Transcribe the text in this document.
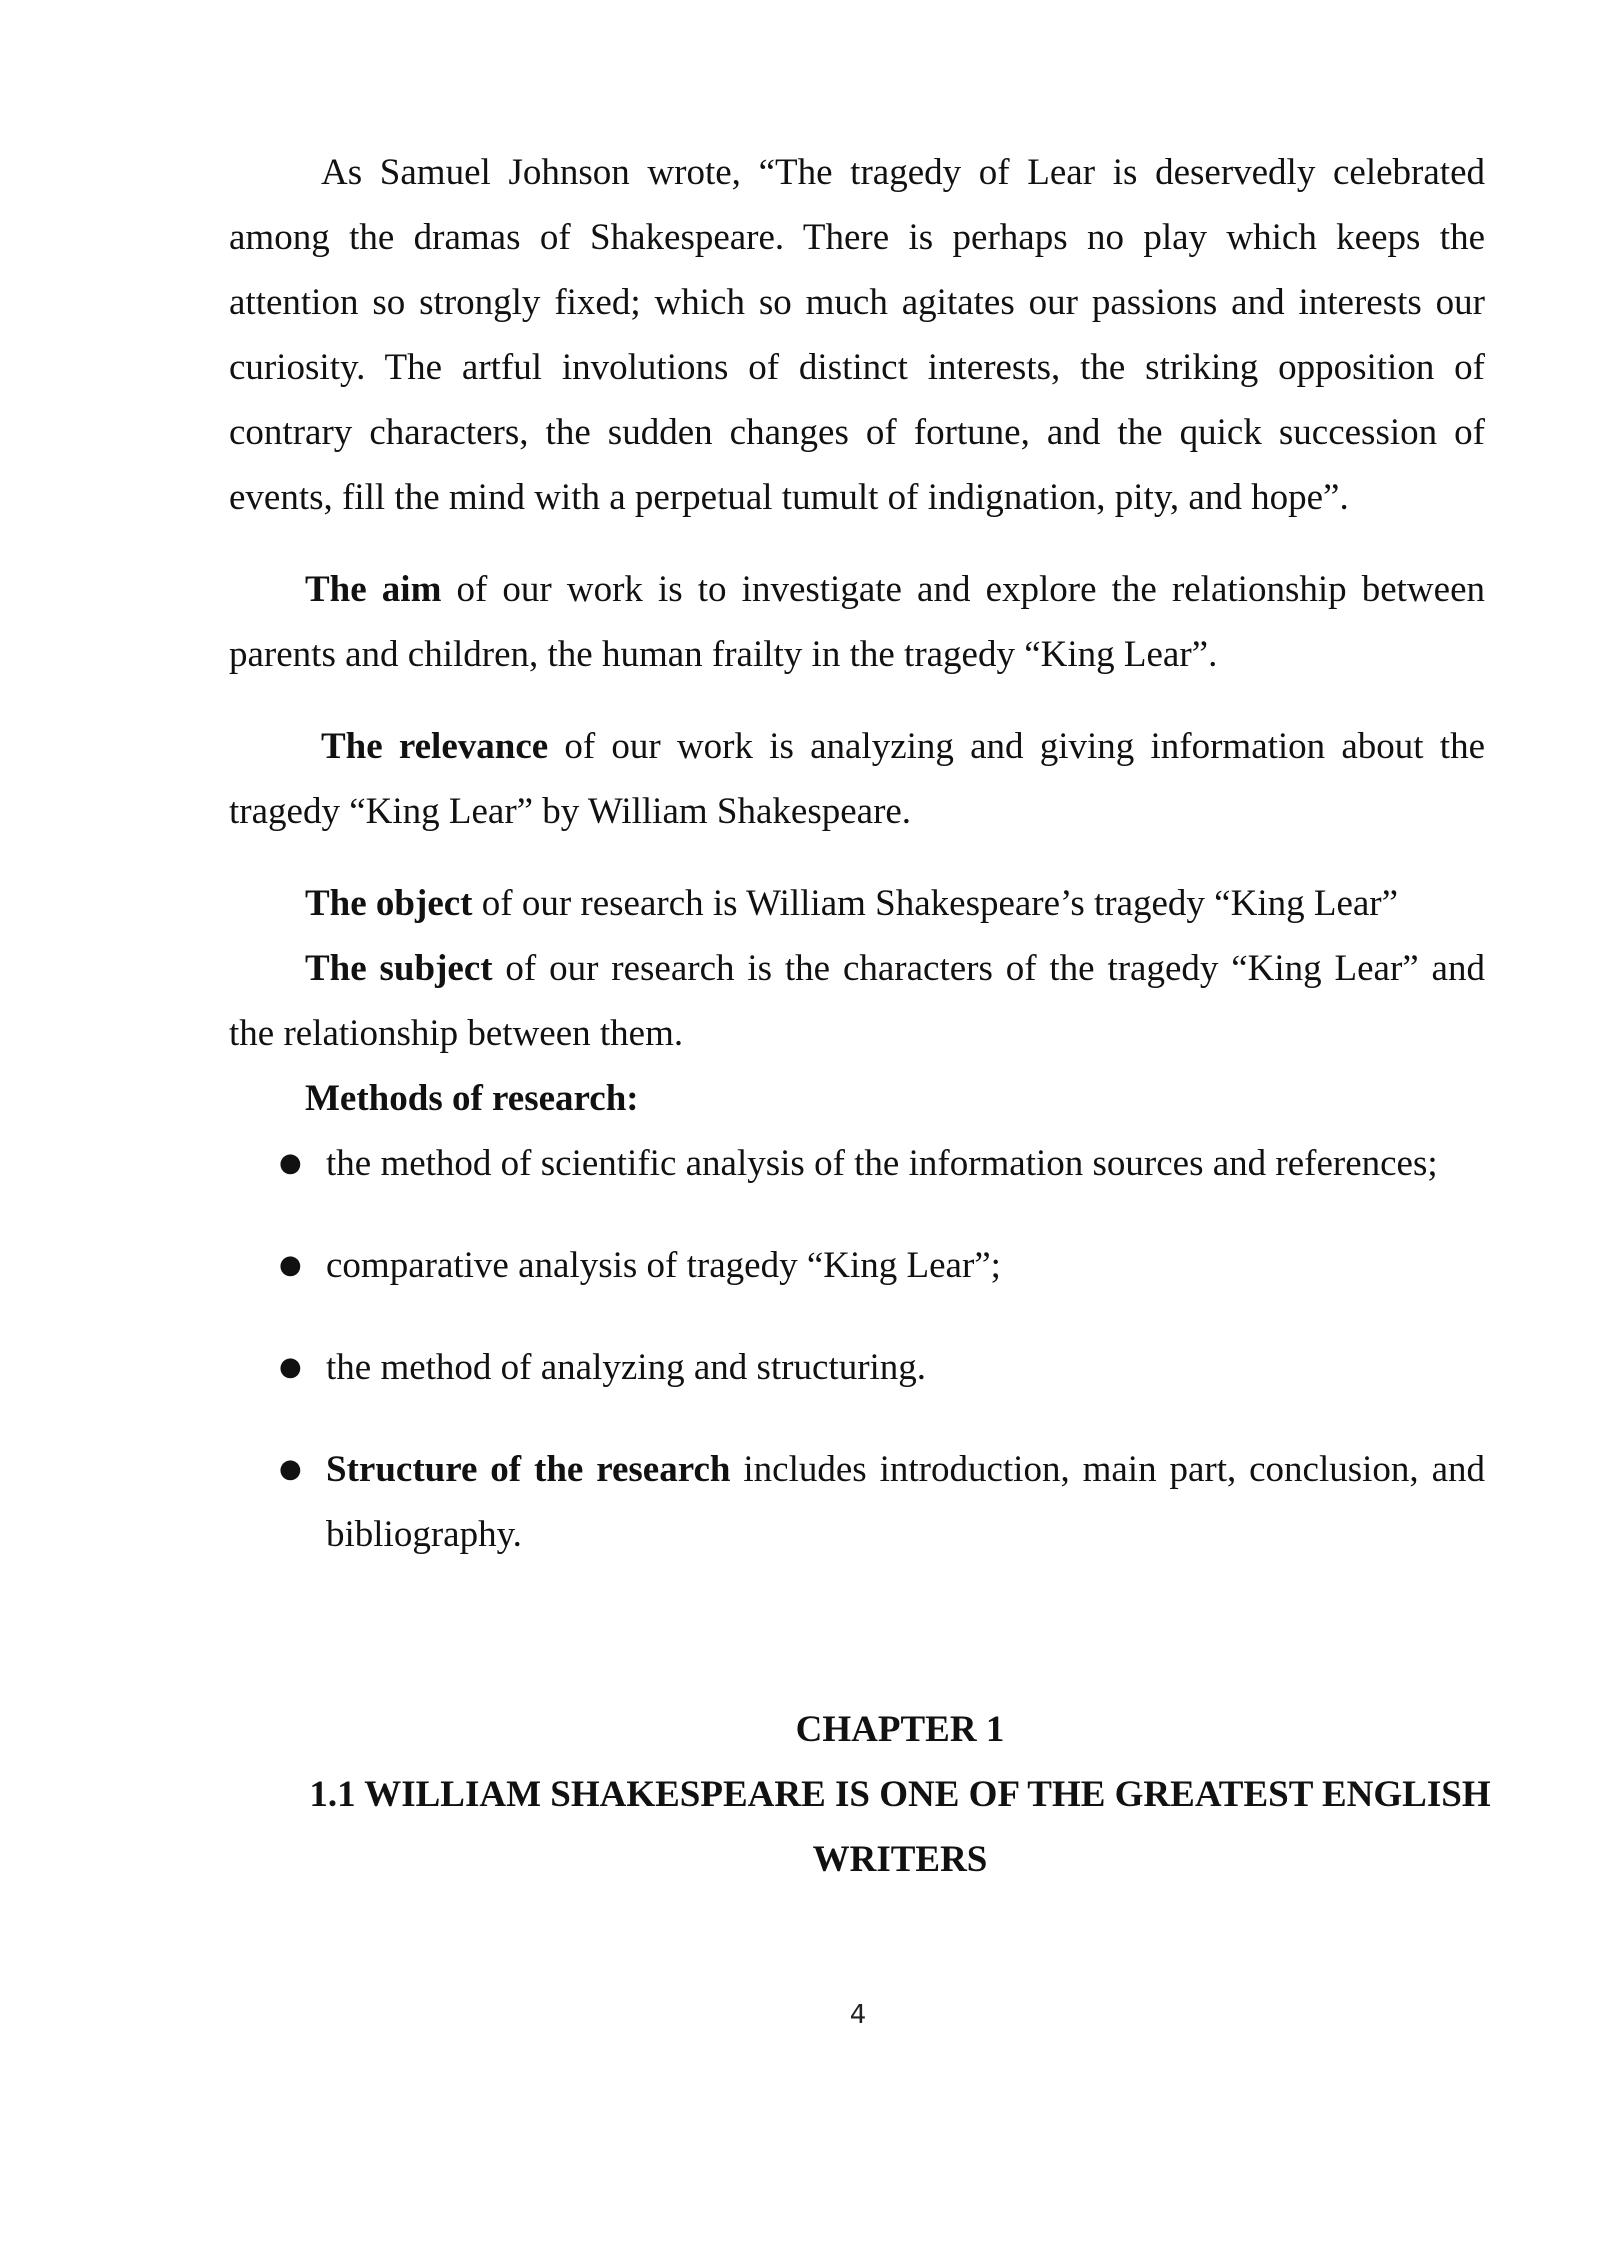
As Samuel Johnson wrote, “The tragedy of Lear is deservedly celebrated among the dramas of Shakespeare. There is perhaps no play which keeps the attention so strongly fixed; which so much agitates our passions and interests our curiosity. The artful involutions of distinct interests, the striking opposition of contrary characters, the sudden changes of fortune, and the quick succession of events, fill the mind with a perpetual tumult of indignation, pity, and hope”.

The aim of our work is to investigate and explore the relationship between parents and children, the human frailty in the tragedy “King Lear”.

The relevance of our work is analyzing and giving information about the tragedy “King Lear” by William Shakespeare.

The object of our research is William Shakespeare’s tragedy “King Lear”

The subject of our research is the characters of the tragedy “King Lear” and the relationship between them.

Methods of research:

● the method of scientific analysis of the information sources and references;
● comparative analysis of tragedy “King Lear”;
● the method of analyzing and structuring.
● Structure of the research includes introduction, main part, conclusion, and bibliography.
CHAPTER 1
1.1 WILLIAM SHAKESPEARE IS ONE OF THE GREATEST ENGLISH WRITERS
4
